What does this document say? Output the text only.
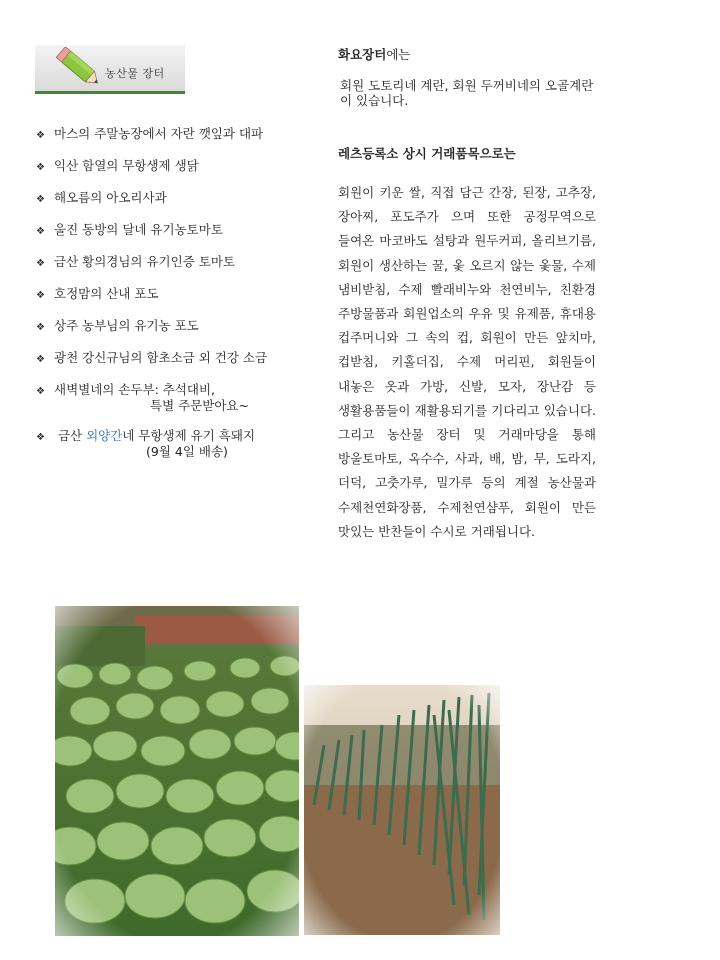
농산물 장터
❖ 마스의 주말농장에서 자란 깻잎과 대파
❖ 익산 함열의 무항생제 생닭
❖ 해오름의 아오리사과
❖ 울진 동방의 달네 유기농토마토
❖ 금산 황의경님의 유기인증 토마토
❖ 호정맘의 산내 포도
❖ 상주 농부님의 유기농 포도
❖ 광천 강신규님의 함초소금 외 건강 소금
❖ 새벽별네의 손두부: 추석대비,
특별 주문받아요~
❖	금산 외양간네 무항생제 유기 흑돼지
(9월 4일 배송)
화요장터에는
회원 도토리네 계란, 회원 두꺼비네의 오골계란이 있습니다.
레츠등록소 상시 거래품목으로는
회원이 키운 쌀, 직접 담근 간장, 된장, 고추장, 장아찌, 포도주가 으며 또한 공정무역으로 들여온 마코바도 설탕과 원두커피, 올리브기름, 회원이 생산하는 꿀, 옻 오르지 않는 옻물, 수제 냄비받침, 수제 빨래비누와 천연비누, 친환경 주방물품과 회원업소의 우유 및 유제품, 휴대용 컵주머니와 그 속의 컵, 회원이 만든 앞치마, 컵받침, 키홀더집, 수제 머리핀, 회원들이 내놓은 옷과 가방, 신발, 모자, 장난감 등 생활용품들이 재활용되기를 기다리고 있습니다. 그리고 농산물 장터 및 거래마당을 통해 방울토마토, 옥수수, 사과, 배, 밤, 무, 도라지, 더덕, 고춧가루, 밀가루 등의 계절 농산물과 수제천연화장품, 수제천연샴푸, 회원이 만든 맛있는 반찬들이 수시로 거래됩니다.
